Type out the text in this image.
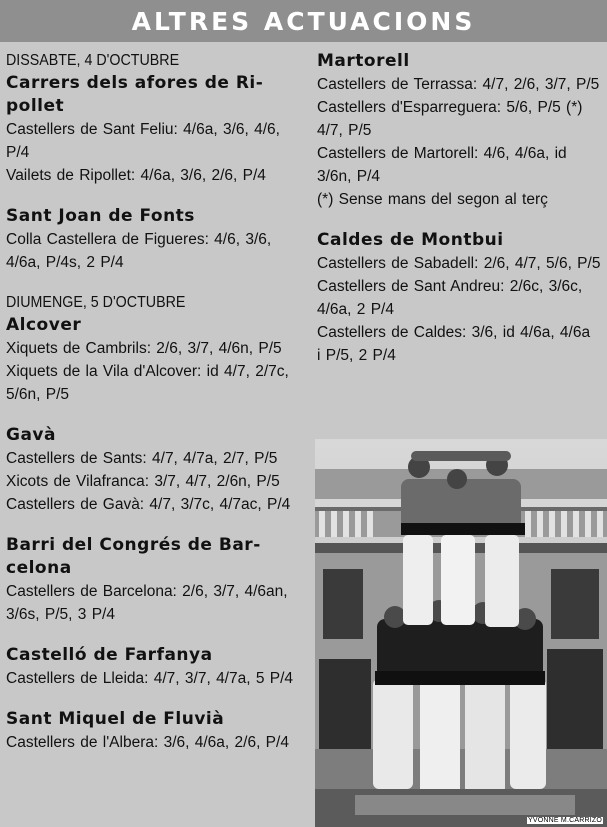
ALTRES ACTUACIONS

DISSABTE, 4 D'OCTUBRE

Carrers dels afores de Ri-

pollet

Castellers de Sant Feliu: 4/6a, 3/6, 4/6,

P/4

Vailets de Ripollet: 4/6a, 3/6, 2/6, P/4

Sant Joan de Fonts

Colla Castellera de Figueres: 4/6, 3/6,

4/6a, P/4s, 2 P/4

DIUMENGE, 5 D'OCTUBRE

Alcover

Xiquets de Cambrils: 2/6, 3/7, 4/6n, P/5

Xiquets de la Vila d'Alcover: id 4/7, 2/7c,

5/6n, P/5

Gavà

Castellers de Sants: 4/7, 4/7a, 2/7, P/5

Xicots de Vilafranca: 3/7, 4/7, 2/6n, P/5

Castellers de Gavà: 4/7, 3/7c, 4/7ac, P/4

Barri del Congrés de Bar-

celona

Castellers de Barcelona: 2/6, 3/7, 4/6an,

3/6s, P/5, 3 P/4

Castelló de Farfanya

Castellers de Lleida: 4/7, 3/7, 4/7a, 5 P/4

Sant Miquel de Fluvià

Castellers de l'Albera: 3/6, 4/6a, 2/6, P/4

Martorell

Castellers de Terrassa: 4/7, 2/6, 3/7, P/5

Castellers d'Esparreguera: 5/6, P/5 (*)

4/7, P/5

Castellers de Martorell: 4/6, 4/6a, id

3/6n, P/4

(*) Sense mans del segon al terç

Caldes de Montbui

Castellers de Sabadell: 2/6, 4/7, 5/6, P/5

Castellers de Sant Andreu: 2/6c, 3/6c,

4/6a, 2 P/4

Castellers de Caldes: 3/6, id 4/6a, 4/6a

i P/5, 2 P/4

YVONNE M.CARRIZO
